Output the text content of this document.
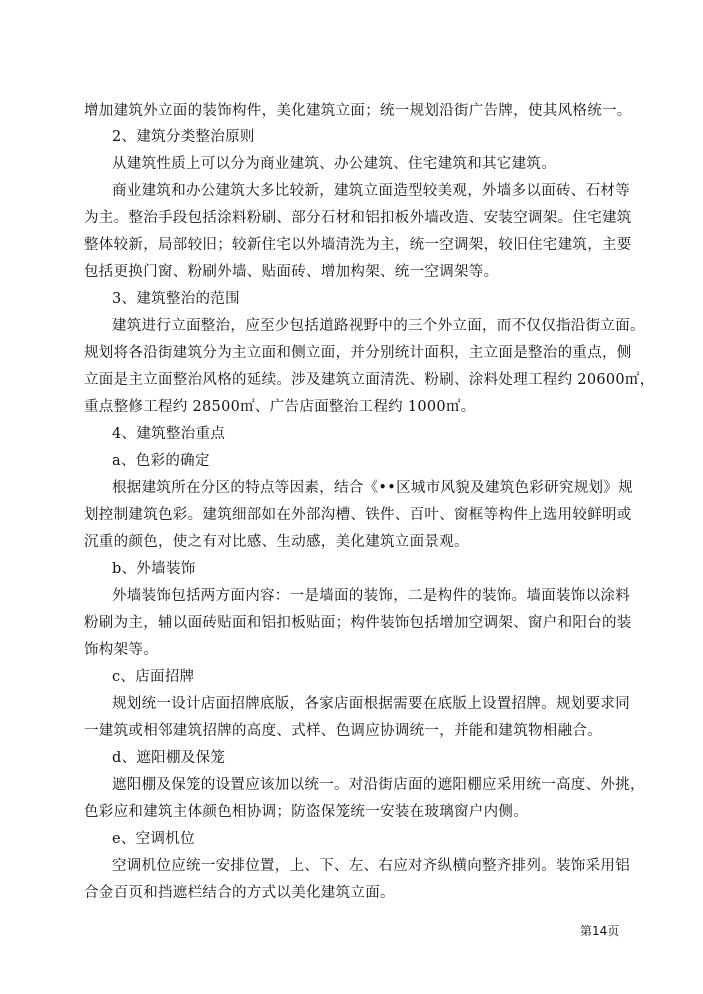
增加建筑外立面的装饰构件，美化建筑立面；统一规划沿街广告牌，使其风格统一。
2、建筑分类整治原则
从建筑性质上可以分为商业建筑、办公建筑、住宅建筑和其它建筑。
商业建筑和办公建筑大多比较新，建筑立面造型较美观，外墙多以面砖、石材等
为主。整治手段包括涂料粉刷、部分石材和铝扣板外墙改造、安装空调架。住宅建筑
整体较新，局部较旧；较新住宅以外墙清洗为主，统一空调架，较旧住宅建筑，主要
包括更换门窗、粉刷外墙、贴面砖、增加构架、统一空调架等。
3、建筑整治的范围
建筑进行立面整治，应至少包括道路视野中的三个外立面，而不仅仅指沿街立面。
规划将各沿街建筑分为主立面和侧立面，并分别统计面积，主立面是整治的重点，侧
立面是主立面整治风格的延续。涉及建筑立面清洗、粉刷、涂料处理工程约 20600㎡，
重点整修工程约 28500㎡、广告店面整治工程约 1000㎡。
4、建筑整治重点
a、色彩的确定
根据建筑所在分区的特点等因素，结合《••区城市风貌及建筑色彩研究规划》规
划控制建筑色彩。建筑细部如在外部沟槽、铁件、百叶、窗框等构件上选用较鲜明或
沉重的颜色，使之有对比感、生动感，美化建筑立面景观。
b、外墙装饰
外墙装饰包括两方面内容：一是墙面的装饰，二是构件的装饰。墙面装饰以涂料
粉刷为主，辅以面砖贴面和铝扣板贴面；构件装饰包括增加空调架、窗户和阳台的装
饰构架等。
c、店面招牌
规划统一设计店面招牌底版，各家店面根据需要在底版上设置招牌。规划要求同
一建筑或相邻建筑招牌的高度、式样、色调应协调统一，并能和建筑物相融合。
d、遮阳棚及保笼
遮阳棚及保笼的设置应该加以统一。对沿街店面的遮阳棚应采用统一高度、外挑，
色彩应和建筑主体颜色相协调；防盗保笼统一安装在玻璃窗户内侧。
e、空调机位
空调机位应统一安排位置，上、下、左、右应对齐纵横向整齐排列。装饰采用铝
合金百页和挡遮栏结合的方式以美化建筑立面。
第14页
